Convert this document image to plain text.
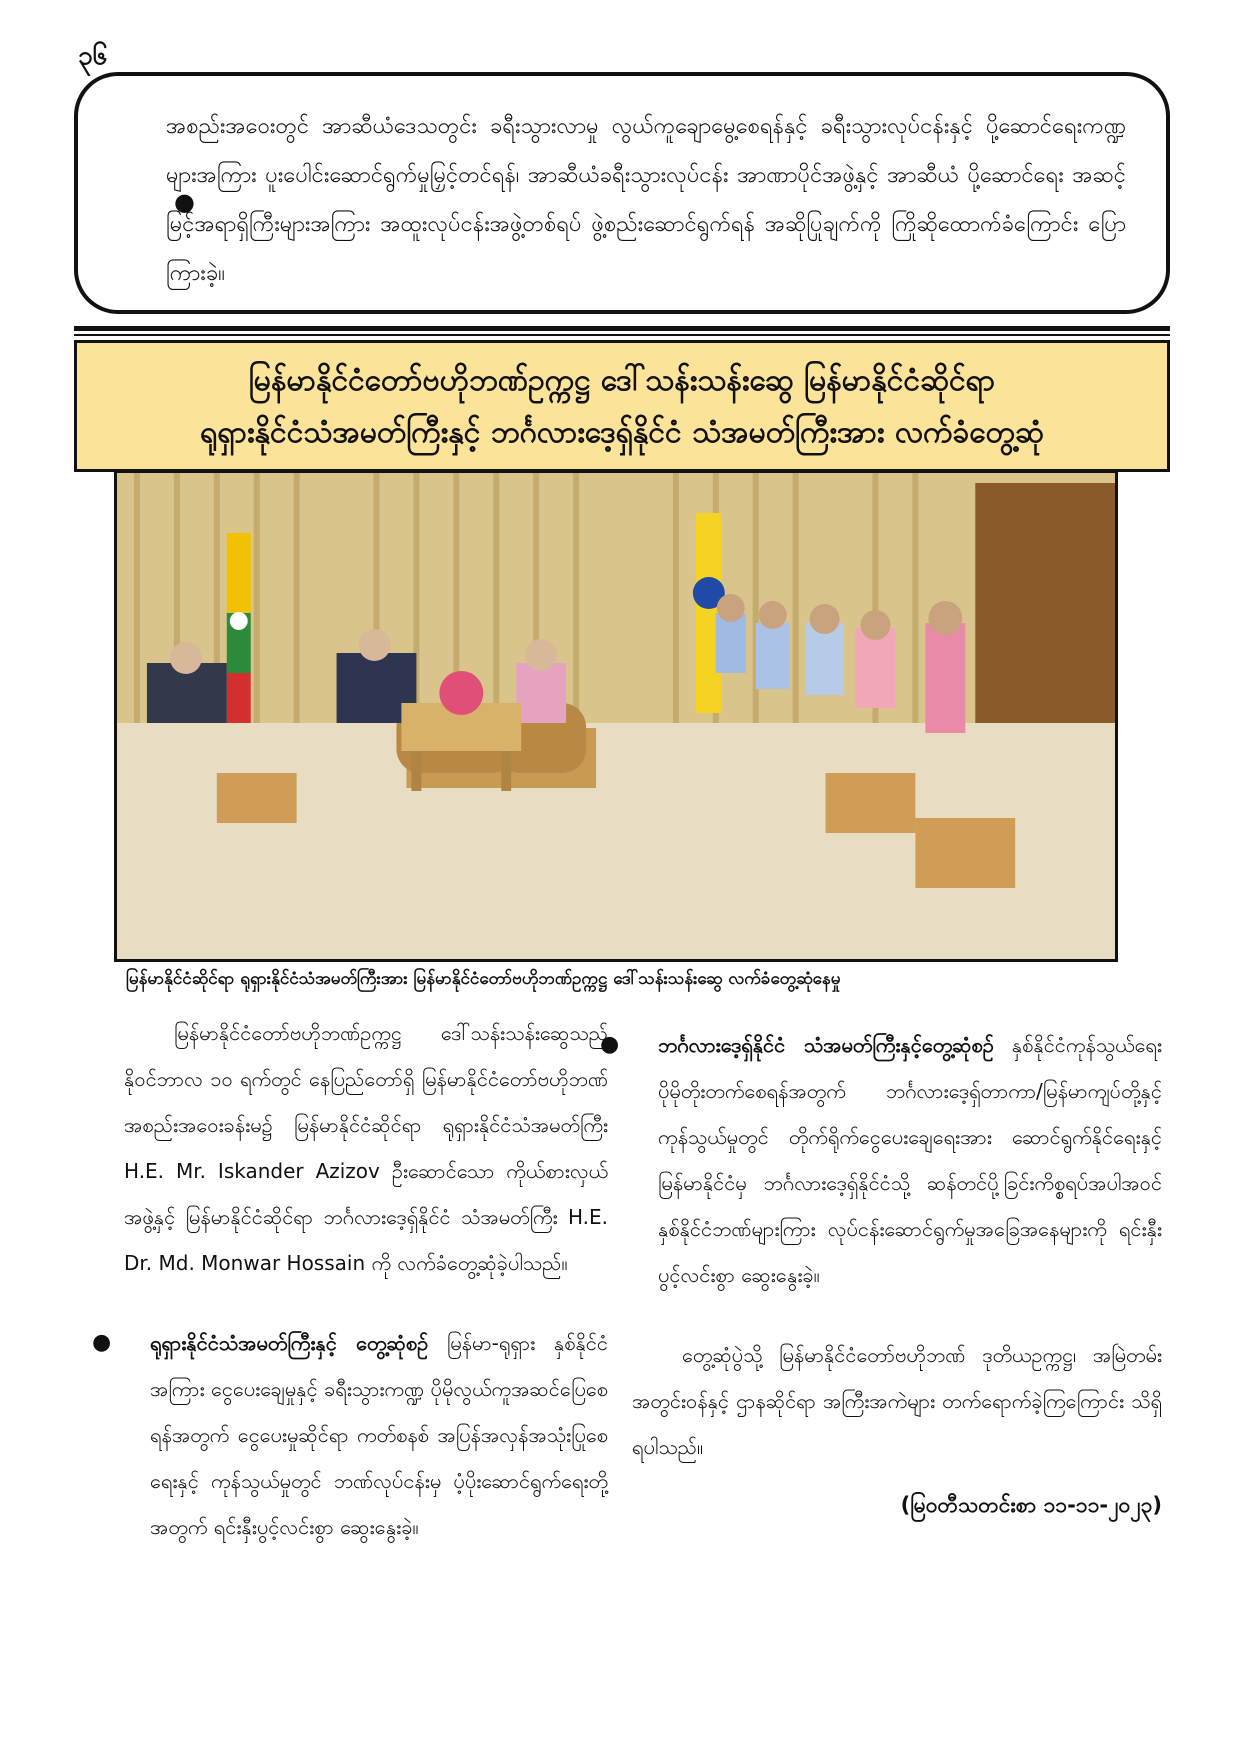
၃၆
●

အစည်းအဝေးတွင် အာဆီယံဒေသတွင်း ခရီးသွားလာမှု လွယ်ကူချောမွေ့စေရန်နှင့် ခရီးသွားလုပ်ငန်းနှင့် ပို့ဆောင်ရေးကဏ္ဍများအကြား ပူးပေါင်းဆောင်ရွက်မှုမြှင့်တင်ရန်၊ အာဆီယံခရီးသွားလုပ်ငန်း အာဏာပိုင်အဖွဲ့နှင့် အာဆီယံ ပို့ဆောင်ရေး အဆင့်မြင့်အရာရှိကြီးများအကြား အထူးလုပ်ငန်းအဖွဲ့တစ်ရပ် ဖွဲ့စည်းဆောင်ရွက်ရန် အဆိုပြုချက်ကို ကြိုဆိုထောက်ခံကြောင်း ပြောကြားခဲ့။

မြန်မာနိုင်ငံတော်ဗဟိုဘဏ်ဥက္ကဋ္ဌ ဒေါ်သန်းသန်းဆွေ မြန်မာနိုင်ငံဆိုင်ရာ
ရုရှားနိုင်ငံသံအမတ်ကြီးနှင့် ဘင်္ဂလားဒေ့ရှ်နိုင်ငံ သံအမတ်ကြီးအား လက်ခံတွေ့ဆုံ
မြန်မာနိုင်ငံဆိုင်ရာ ရုရှားနိုင်ငံသံအမတ်ကြီးအား မြန်မာနိုင်ငံတော်ဗဟိုဘဏ်ဥက္ကဋ္ဌ ဒေါ်သန်းသန်းဆွေ လက်ခံတွေ့ဆုံနေမှု

မြန်မာနိုင်ငံတော်ဗဟိုဘဏ်ဥက္ကဋ္ဌ ဒေါ်သန်းသန်းဆွေသည် နိုဝင်ဘာလ ၁၀ ရက်တွင် နေပြည်တော်ရှိ မြန်မာနိုင်ငံတော်ဗဟိုဘဏ် အစည်းအဝေးခန်းမ၌ မြန်မာနိုင်ငံဆိုင်ရာ ရုရှားနိုင်ငံသံအမတ်ကြီး H.E. Mr. Iskander Azizov ဦးဆောင်သော ကိုယ်စားလှယ်အဖွဲ့နှင့် မြန်မာနိုင်ငံဆိုင်ရာ ဘင်္ဂလားဒေ့ရှ်နိုင်ငံ သံအမတ်ကြီး H.E. Dr. Md. Monwar Hossain ကို လက်ခံတွေ့ဆုံခဲ့ပါသည်။

● ရုရှားနိုင်ငံသံအမတ်ကြီးနှင့် တွေ့ဆုံစဉ် မြန်မာ-ရုရှား နှစ်နိုင်ငံအကြား ငွေပေးချေမှုနှင့် ခရီးသွားကဏ္ဍ ပိုမိုလွယ်ကူအဆင်ပြေစေရန်အတွက် ငွေပေးမှုဆိုင်ရာ ကတ်စနစ် အပြန်အလှန်အသုံးပြုစေရေးနှင့် ကုန်သွယ်မှုတွင် ဘဏ်လုပ်ငန်းမှ ပံ့ပိုးဆောင်ရွက်ရေးတို့အတွက် ရင်းနှီးပွင့်လင်းစွာ ဆွေးနွေးခဲ့။
● ဘင်္ဂလားဒေ့ရှ်နိုင်ငံ သံအမတ်ကြီးနှင့်တွေ့ဆုံစဉ် နှစ်နိုင်ငံကုန်သွယ်ရေး ပိုမိုတိုးတက်စေရန်အတွက် ဘင်္ဂလားဒေ့ရှ်တာကာ/မြန်မာကျပ်တို့နှင့် ကုန်သွယ်မှုတွင် တိုက်ရိုက်ငွေပေးချေရေးအား ဆောင်ရွက်နိုင်ရေးနှင့် မြန်မာနိုင်ငံမှ ဘင်္ဂလားဒေ့ရှ်နိုင်ငံသို့ ဆန်တင်ပို့ခြင်းကိစ္စရပ်အပါအဝင် နှစ်နိုင်ငံဘဏ်များကြား လုပ်ငန်းဆောင်ရွက်မှုအခြေအနေများကို ရင်းနှီးပွင့်လင်းစွာ ဆွေးနွေးခဲ့။

တွေ့ဆုံပွဲသို့ မြန်မာနိုင်ငံတော်ဗဟိုဘဏ် ဒုတိယဥက္ကဋ္ဌ၊ အမြဲတမ်းအတွင်းဝန်နှင့် ဌာနဆိုင်ရာ အကြီးအကဲများ တက်ရောက်ခဲ့ကြကြောင်း သိရှိရပါသည်။

(မြဝတီသတင်းစာ ၁၁-၁၁-၂၀၂၃)
